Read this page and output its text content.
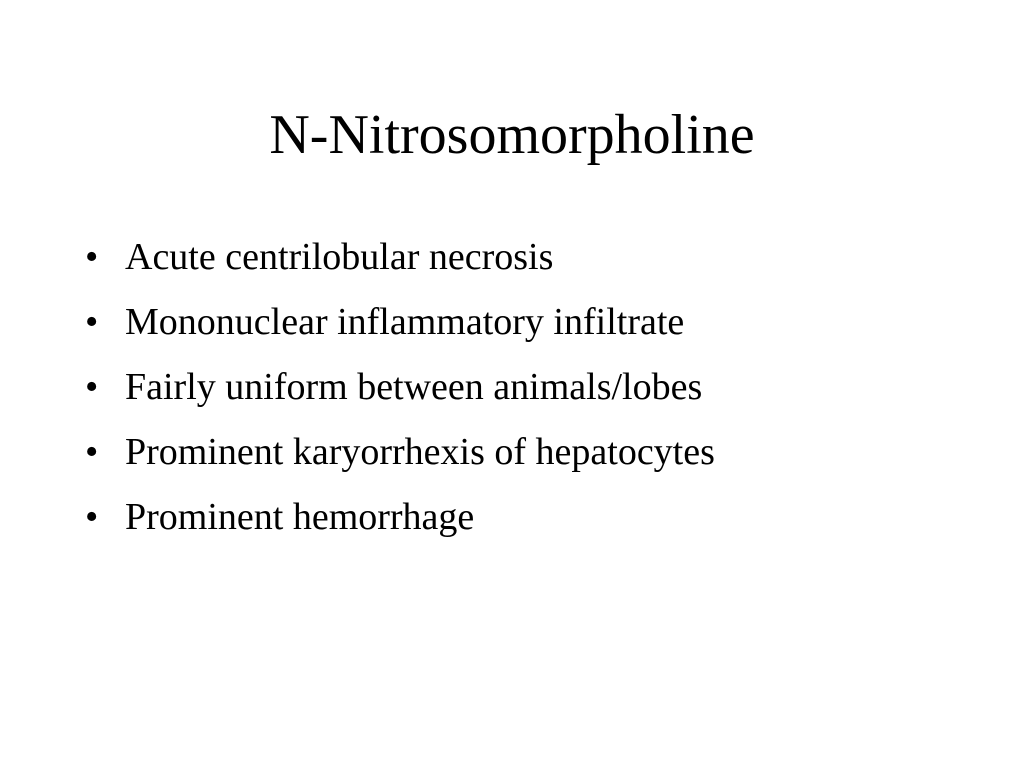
N-Nitrosomorpholine
• Acute centrilobular necrosis
• Mononuclear inflammatory infiltrate
• Fairly uniform between animals/lobes
• Prominent karyorrhexis of hepatocytes
• Prominent hemorrhage
